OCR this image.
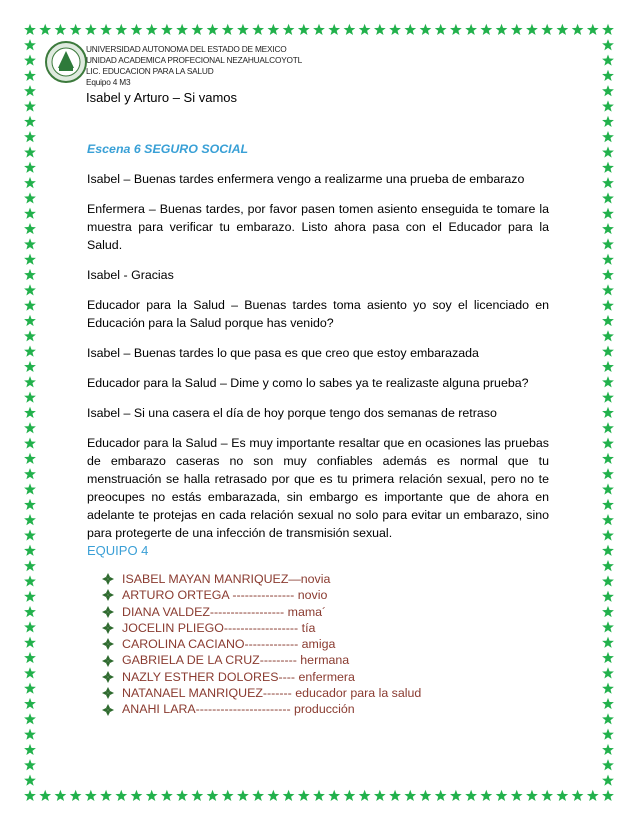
UNIVERSIDAD AUTONOMA DEL ESTADO DE MEXICO
UNIDAD ACADEMICA PROFECIONAL NEZAHUALCOYOTL
LIC. EDUCACION PARA LA SALUD
Equipo 4 M3
Isabel y Arturo – Si vamos

Escena 6 SEGURO SOCIAL

Isabel – Buenas tardes enfermera vengo a realizarme una prueba de embarazo

Enfermera – Buenas tardes, por favor pasen tomen asiento enseguida te tomare la muestra para verificar tu embarazo. Listo ahora pasa con el Educador para la Salud.

Isabel - Gracias

Educador para la Salud – Buenas tardes toma asiento yo soy el licenciado en Educación para la Salud porque has venido?

Isabel – Buenas tardes lo que pasa es que creo que estoy embarazada

Educador para la Salud – Dime y como lo sabes ya te realizaste alguna prueba?

Isabel – Si una casera el día de hoy porque tengo dos semanas de retraso

Educador para la Salud – Es muy importante resaltar que en ocasiones las pruebas de embarazo caseras no son muy confiables además es normal que tu menstruación se halla retrasado por que es tu primera relación sexual, pero no te preocupes no estás embarazada, sin embargo es importante que de ahora en adelante te protejas en cada relación sexual no solo para evitar un embarazo, sino para protegerte de una infección de transmisión sexual.

EQUIPO 4
ISABEL MAYAN MANRIQUEZ—novia
ARTURO ORTEGA --------------- novio
DIANA VALDEZ------------------ mama´
JOCELIN PLIEGO------------------ tía
CAROLINA CACIANO------------- amiga
GABRIELA DE LA CRUZ--------- hermana
NAZLY ESTHER DOLORES---- enfermera
NATANAEL MANRIQUEZ------- educador para la salud
ANAHI LARA----------------------- producción
